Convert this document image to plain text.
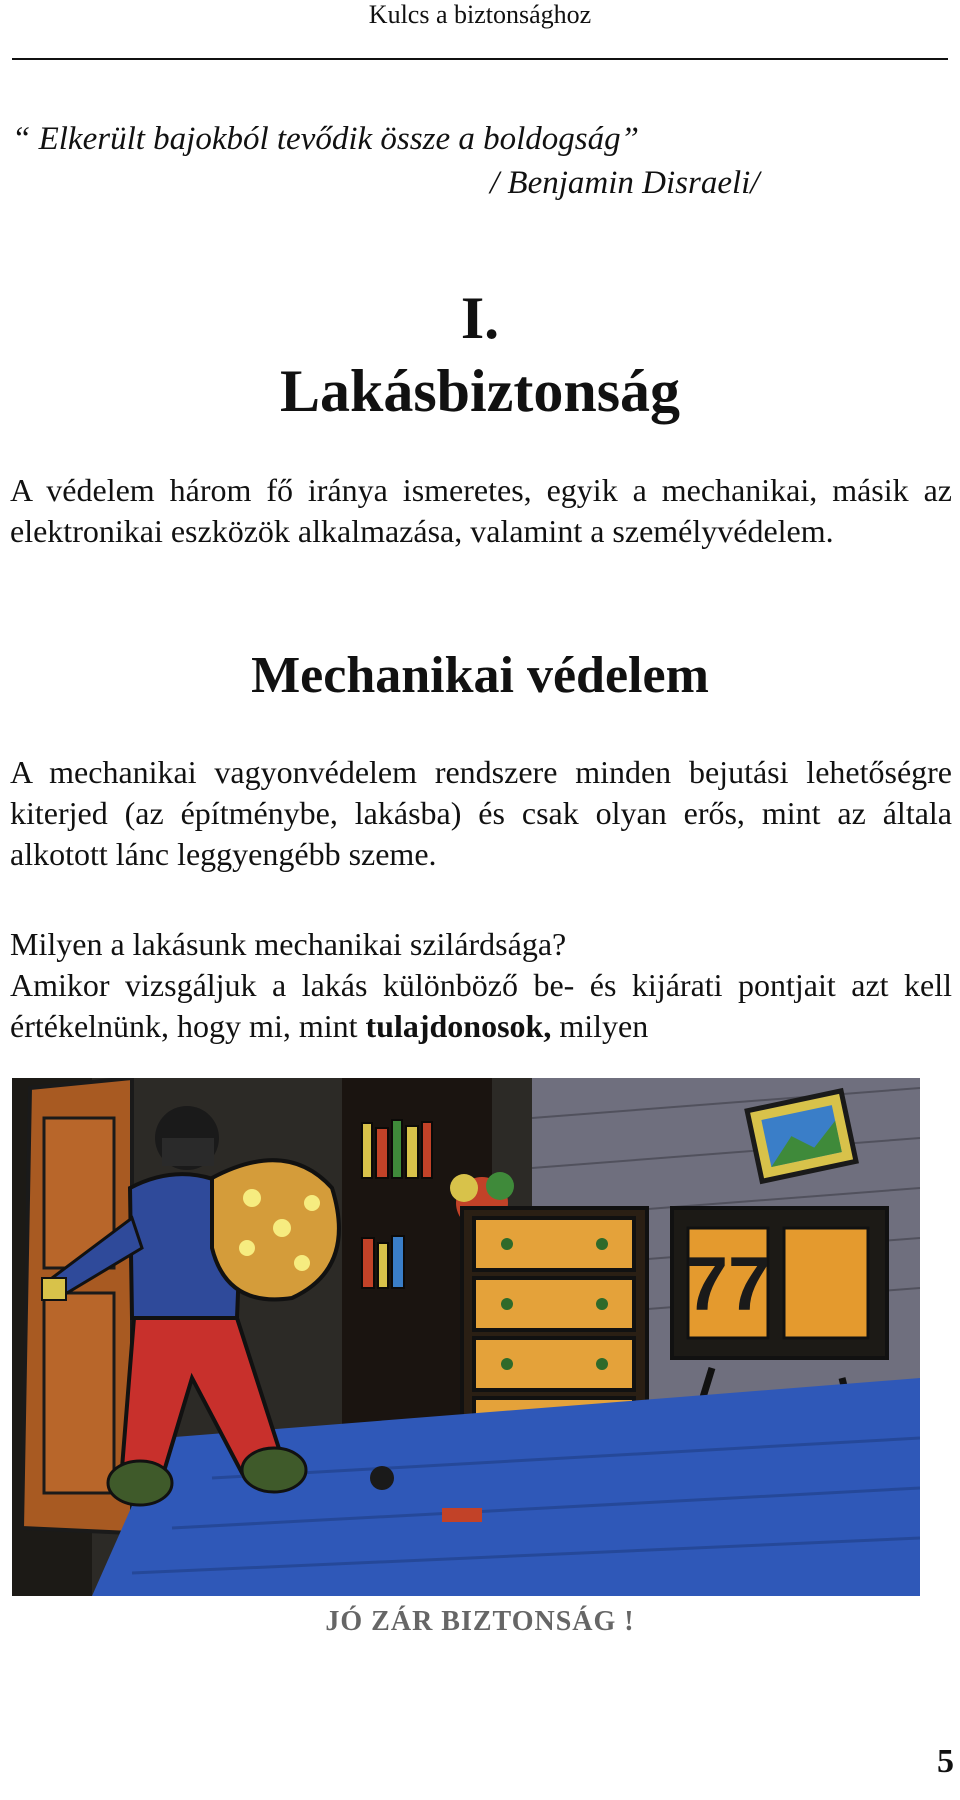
Kulcs a biztonsághoz
“ Elkerült bajokból tevődik össze a boldogság”
/ Benjamin Disraeli/
I.
Lakásbiztonság
A védelem három fő iránya ismeretes, egyik a mechanikai, másik az elektronikai eszközök alkalmazása, valamint a személyvédelem.
Mechanikai védelem
A mechanikai vagyonvédelem rendszere minden bejutási lehetőségre kiterjed (az építménybe, lakásba) és csak olyan erős, mint az általa alkotott lánc leggyengébb szeme.
Milyen a lakásunk mechanikai szilárdsága?
Amikor vizsgáljuk a lakás különböző be- és kijárati pontjait azt kell értékelnünk, hogy mi, mint tulajdonosok, milyen
77
JÓ ZÁR BIZTONSÁG !
5
